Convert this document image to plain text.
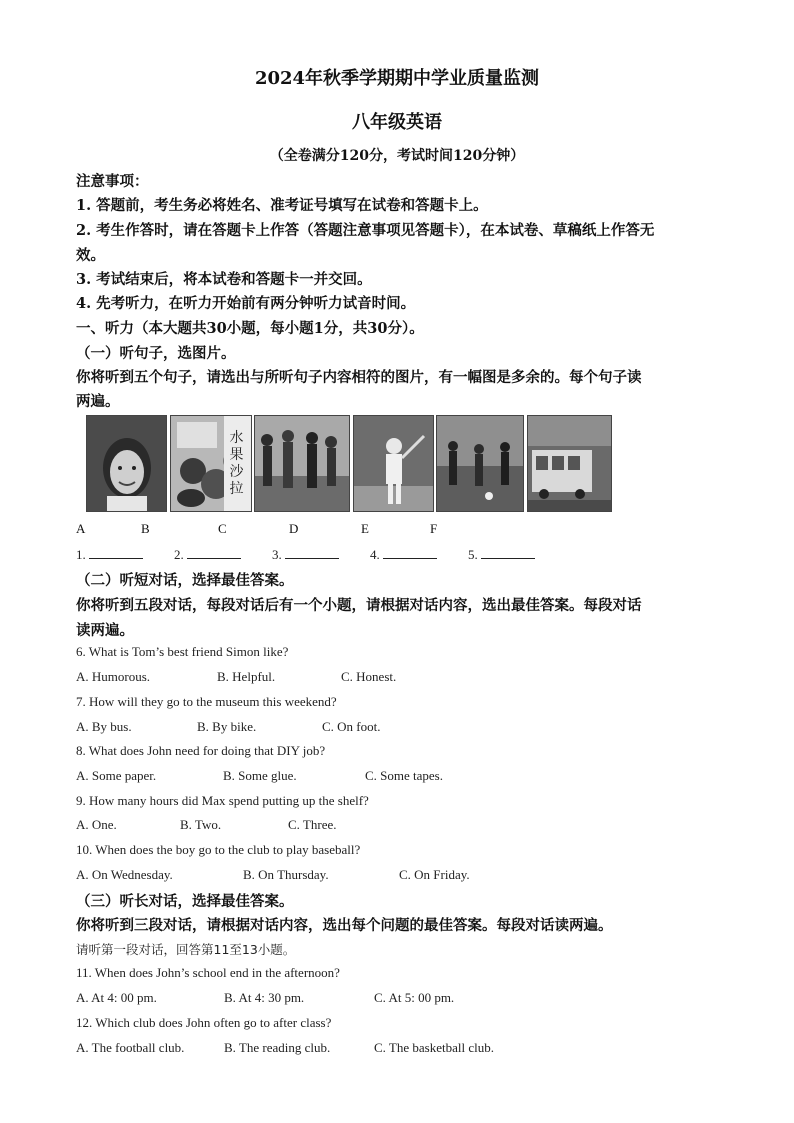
2024年秋季学期期中学业质量监测
八年级英语
（全卷满分120分，考试时间120分钟）
注意事项：
1. 答题前，考生务必将姓名、准考证号填写在试卷和答题卡上。
2. 考生作答时，请在答题卡上作答（答题注意事项见答题卡），在本试卷、草稿纸上作答无
效。
3. 考试结束后，将本试卷和答题卡一并交回。
4. 先考听力，在听力开始前有两分钟听力试音时间。
一、听力（本大题共30小题，每小题1分，共30分）。
（一）听句子，选图片。
你将听到五个句子，请选出与所听句子内容相符的图片，有一幅图是多余的。每个句子读
两遍。
水果沙拉
A	B	C	D	E	F
1.	2.	3.	4.	5.
（二）听短对话，选择最佳答案。
你将听到五段对话，每段对话后有一个小题，请根据对话内容，选出最佳答案。每段对话
读两遍。
6. What is Tom’s best friend Simon like?
A. Humorous.	B. Helpful.	C. Honest.
7. How will they go to the museum this weekend?
A. By bus.	B. By bike.	C. On foot.
8. What does John need for doing that DIY job?
A. Some paper.	B. Some glue.	C. Some tapes.
9. How many hours did Max spend putting up the shelf?
A. One.	B. Two.	C. Three.
10. When does the boy go to the club to play baseball?
A. On Wednesday.	B. On Thursday.	C. On Friday.
（三）听长对话，选择最佳答案。
你将听到三段对话，请根据对话内容，选出每个问题的最佳答案。每段对话读两遍。
请听第一段对话，回答第11至13小题。
11. When does John’s school end in the afternoon?
A. At 4: 00 pm.	B. At 4: 30 pm.	C. At 5: 00 pm.
12. Which club does John often go to after class?
A. The football club.	B. The reading club.	C. The basketball club.
